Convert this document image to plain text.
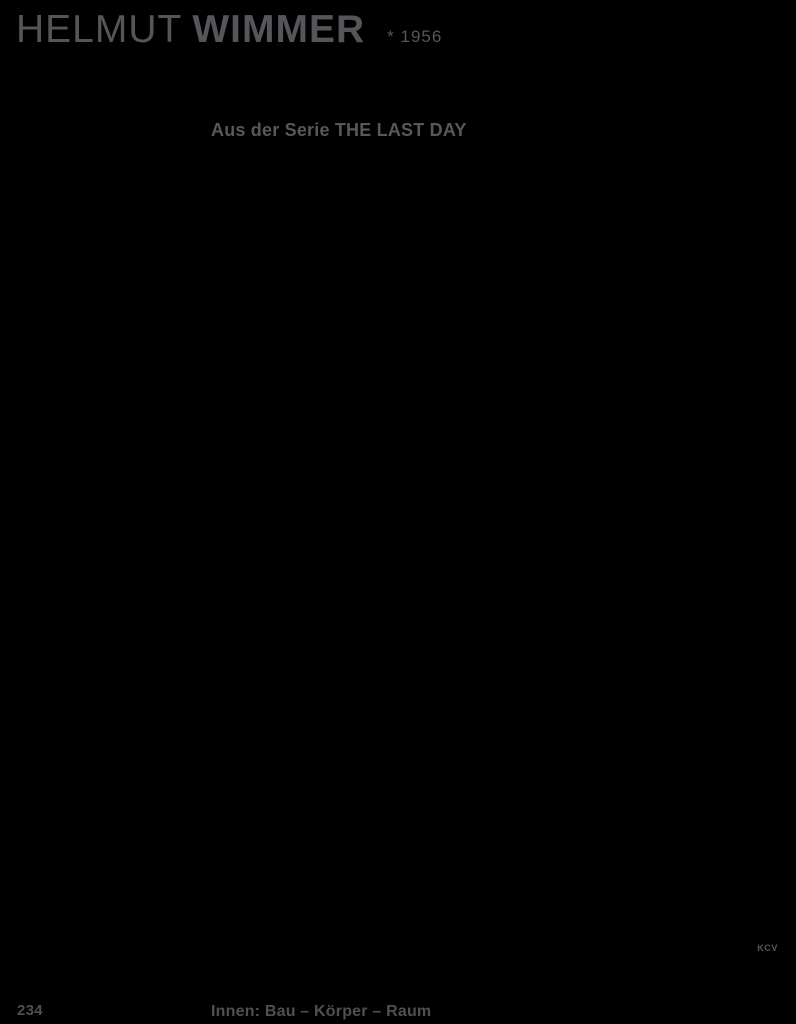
HELMUT WIMMER * 1956
Aus der Serie THE LAST DAY
KCV
234	Innen: Bau – Körper – Raum
